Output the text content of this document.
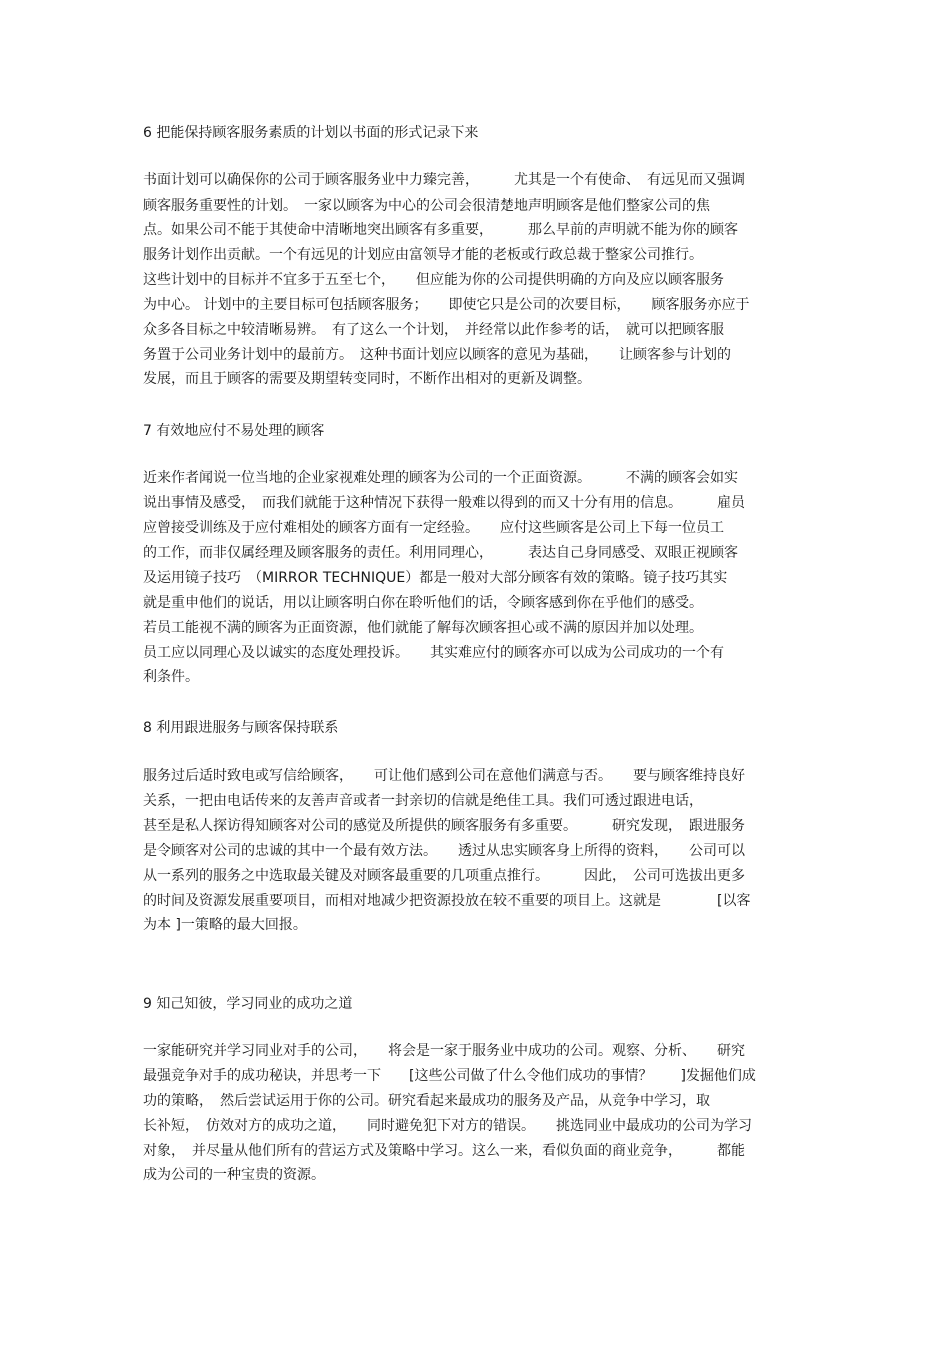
6 把能保持顾客服务素质的计划以书面的形式记录下来
书面计划可以确保你的公司于顾客服务业中力臻完善，　　　尤其是一个有使命、　有远见而又强调
顾客服务重要性的计划。　一家以顾客为中心的公司会很清楚地声明顾客是他们整家公司的焦
点。如果公司不能于其使命中清晰地突出顾客有多重要，　　　那么早前的声明就不能为你的顾客
服务计划作出贡献。一个有远见的计划应由富领导才能的老板或行政总裁于整家公司推行。
这些计划中的目标并不宜多于五至七个，　　但应能为你的公司提供明确的方向及应以顾客服务
为中心。 计划中的主要目标可包括顾客服务；　　即使它只是公司的次要目标，　　顾客服务亦应于
众多各目标之中较清晰易辨。　有了这么一个计划，　并经常以此作参考的话，　就可以把顾客服
务置于公司业务计划中的最前方。　这种书面计划应以顾客的意见为基础，　　让顾客参与计划的
发展，而且于顾客的需要及期望转变同时，不断作出相对的更新及调整。
7 有效地应付不易处理的顾客
近来作者闻说一位当地的企业家视难处理的顾客为公司的一个正面资源。　　　不满的顾客会如实
说出事情及感受，　而我们就能于这种情况下获得一般难以得到的而又十分有用的信息。　　　雇员
应曾接受训练及于应付难相处的顾客方面有一定经验。　　应付这些顾客是公司上下每一位员工
的工作，而非仅属经理及顾客服务的责任。利用同理心，　　　表达自己身同感受、双眼正视顾客
及运用镜子技巧　（MIRROR TECHNIQUE）都是一般对大部分顾客有效的策略。镜子技巧其实
就是重申他们的说话，用以让顾客明白你在聆听他们的话，令顾客感到你在乎他们的感受。
若员工能视不满的顾客为正面资源，他们就能了解每次顾客担心或不满的原因并加以处理。
员工应以同理心及以诚实的态度处理投诉。　　其实难应付的顾客亦可以成为公司成功的一个有
利条件。
8 利用跟进服务与顾客保持联系
服务过后适时致电或写信给顾客，　　可让他们感到公司在意他们满意与否。　　要与顾客维持良好
关系，一把由电话传来的友善声音或者一封亲切的信就是绝佳工具。我们可透过跟进电话，
甚至是私人探访得知顾客对公司的感觉及所提供的顾客服务有多重要。　　　研究发现，　跟进服务
是令顾客对公司的忠诚的其中一个最有效方法。　　透过从忠实顾客身上所得的资料，　　公司可以
从一系列的服务之中选取最关键及对顾客最重要的几项重点推行。　　　因此，　公司可选拔出更多
的时间及资源发展重要项目，而相对地减少把资源投放在较不重要的项目上。这就是　　　　[以客
为本 ]一策略的最大回报。
9 知己知彼，学习同业的成功之道
一家能研究并学习同业对手的公司，　　将会是一家于服务业中成功的公司。观察、分析、　　研究
最强竞争对手的成功秘诀，并思考一下　　[这些公司做了什么令他们成功的事情？　　]发掘他们成
功的策略，　然后尝试运用于你的公司。研究看起来最成功的服务及产品，从竞争中学习，取
长补短，　仿效对方的成功之道，　　同时避免犯下对方的错误。　　挑选同业中最成功的公司为学习
对象，　并尽量从他们所有的营运方式及策略中学习。这么一来，看似负面的商业竞争，　　　都能
成为公司的一种宝贵的资源。
